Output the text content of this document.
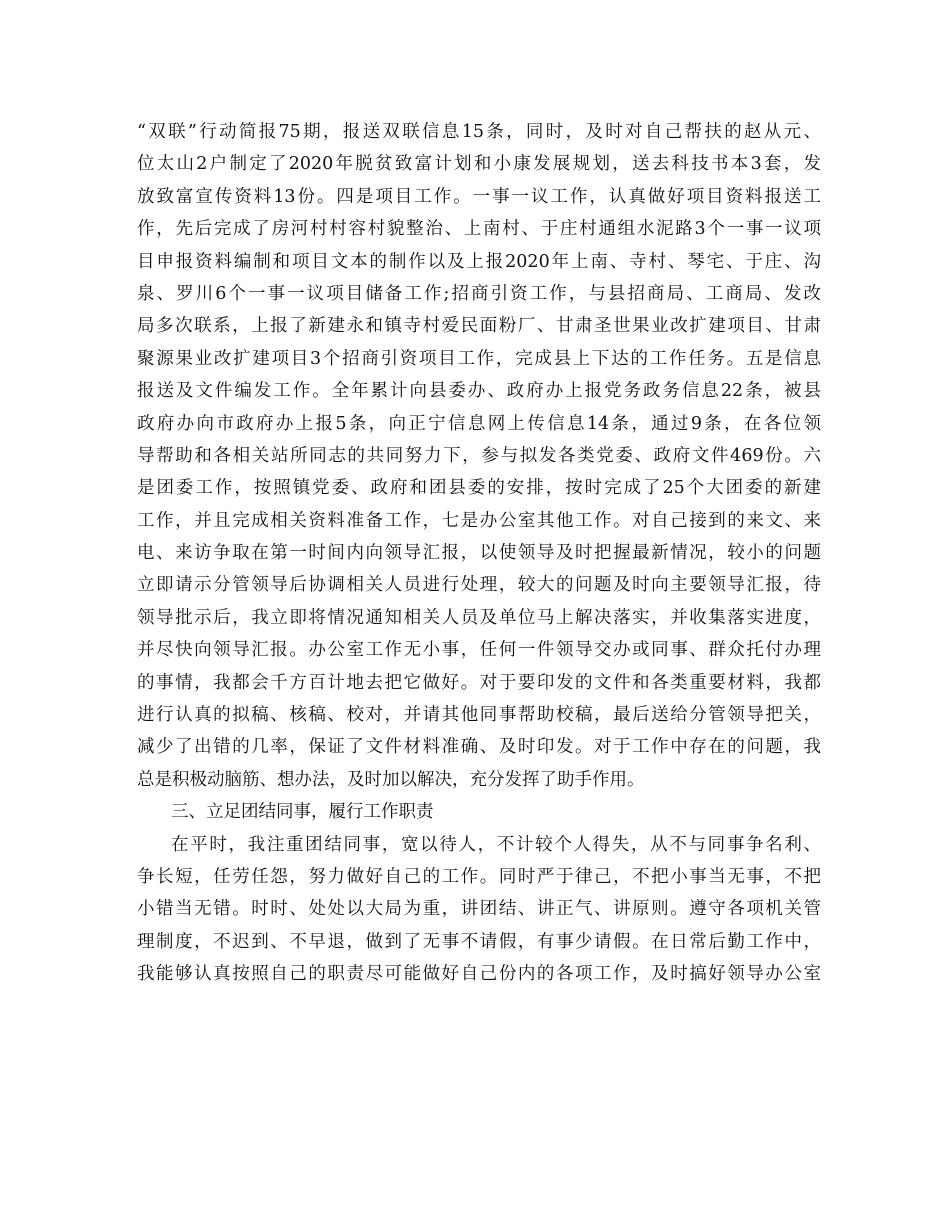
“双联”行动简报75期，报送双联信息15条，同时，及时对自己帮扶的赵从元、
位太山2户制定了2020年脱贫致富计划和小康发展规划，送去科技书本3套，发
放致富宣传资料13份。四是项目工作。一事一议工作，认真做好项目资料报送工
作，先后完成了房河村村容村貌整治、上南村、于庄村通组水泥路3个一事一议项
目申报资料编制和项目文本的制作以及上报2020年上南、寺村、琴宅、于庄、沟
泉、罗川6个一事一议项目储备工作;招商引资工作，与县招商局、工商局、发改
局多次联系，上报了新建永和镇寺村爱民面粉厂、甘肃圣世果业改扩建项目、甘肃
聚源果业改扩建项目3个招商引资项目工作，完成县上下达的工作任务。五是信息
报送及文件编发工作。全年累计向县委办、政府办上报党务政务信息22条，被县
政府办向市政府办上报5条，向正宁信息网上传信息14条，通过9条，在各位领
导帮助和各相关站所同志的共同努力下，参与拟发各类党委、政府文件469份。六
是团委工作，按照镇党委、政府和团县委的安排，按时完成了25个大团委的新建
工作，并且完成相关资料准备工作，七是办公室其他工作。对自己接到的来文、来
电、来访争取在第一时间内向领导汇报，以使领导及时把握最新情况，较小的问题
立即请示分管领导后协调相关人员进行处理，较大的问题及时向主要领导汇报，待
领导批示后，我立即将情况通知相关人员及单位马上解决落实，并收集落实进度，
并尽快向领导汇报。办公室工作无小事，任何一件领导交办或同事、群众托付办理
的事情，我都会千方百计地去把它做好。对于要印发的文件和各类重要材料，我都
进行认真的拟稿、核稿、校对，并请其他同事帮助校稿，最后送给分管领导把关，
减少了出错的几率，保证了文件材料准确、及时印发。对于工作中存在的问题，我
总是积极动脑筋、想办法，及时加以解决，充分发挥了助手作用。
三、立足团结同事，履行工作职责
在平时，我注重团结同事，宽以待人，不计较个人得失，从不与同事争名利、
争长短，任劳任怨，努力做好自己的工作。同时严于律己，不把小事当无事，不把
小错当无错。时时、处处以大局为重，讲团结、讲正气、讲原则。遵守各项机关管
理制度，不迟到、不早退，做到了无事不请假，有事少请假。在日常后勤工作中，
我能够认真按照自己的职责尽可能做好自己份内的各项工作，及时搞好领导办公室
